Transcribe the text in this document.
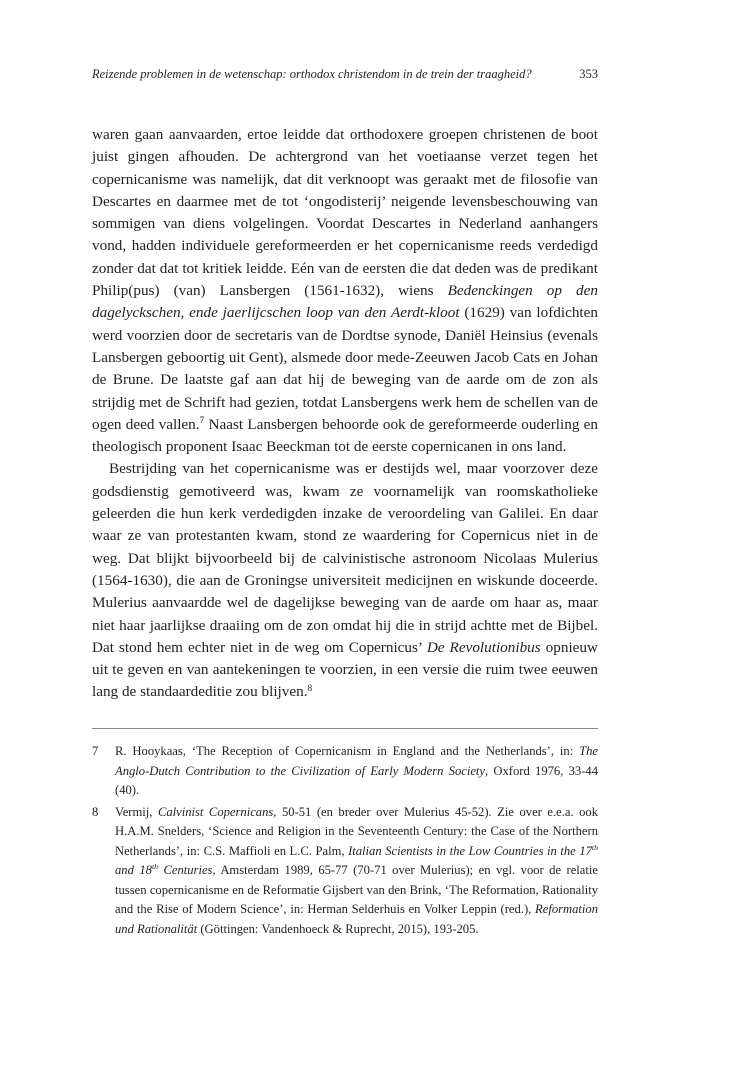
Reizende problemen in de wetenschap: orthodox christendom in de trein der traagheid?	353

waren gaan aanvaarden, ertoe leidde dat orthodoxere groepen christenen de boot juist gingen afhouden. De achtergrond van het voetiaanse verzet tegen het copernicanisme was namelijk, dat dit verknoopt was geraakt met de filosofie van Descartes en daarmee met de tot ‘ongodisterij’ neigende levensbeschouwing van sommigen van diens volgelingen. Voordat Descartes in Nederland aanhangers vond, hadden individuele gereformeerden er het copernicanisme reeds verdedigd zonder dat dat tot kritiek leidde. Eén van de eersten die dat deden was de predikant Philip(pus) (van) Lansbergen (1561-1632), wiens Bedenckingen op den dagelyckschen, ende jaerlijcschen loop van den Aerdt-kloot (1629) van lofdichten werd voorzien door de secretaris van de Dordtse synode, Daniël Heinsius (evenals Lansbergen geboortig uit Gent), alsmede door mede-Zeeuwen Jacob Cats en Johan de Brune. De laatste gaf aan dat hij de beweging van de aarde om de zon als strijdig met de Schrift had gezien, totdat Lansbergens werk hem de schellen van de ogen deed vallen.$^7$ Naast Lansbergen behoorde ook de gereformeerde ouderling en theologisch proponent Isaac Beeckman tot de eerste copernicanen in ons land.

Bestrijding van het copernicanisme was er destijds wel, maar voorzover deze godsdienstig gemotiveerd was, kwam ze voornamelijk van roomskatholieke geleerden die hun kerk verdedigden inzake de veroordeling van Galilei. En daar waar ze van protestanten kwam, stond ze waardering for Copernicus niet in de weg. Dat blijkt bijvoorbeeld bij de calvinistische astronoom Nicolaas Mulerius (1564-1630), die aan de Groningse universiteit medicijnen en wiskunde doceerde. Mulerius aanvaardde wel de dagelijkse beweging van de aarde om haar as, maar niet haar jaarlijkse draaiing om de zon omdat hij die in strijd achtte met de Bijbel. Dat stond hem echter niet in de weg om Copernicus’ De Revolutionibus opnieuw uit te geven en van aantekeningen te voorzien, in een versie die ruim twee eeuwen lang de standaardeditie zou blijven.$^8$

7 R. Hooykaas, ‘The Reception of Copernicanism in England and the Netherlands’, in: The Anglo-Dutch Contribution to the Civilization of Early Modern Society, Oxford 1976, 33-44 (40).
8 Vermij, Calvinist Copernicans, 50-51 (en breder over Mulerius 45-52). Zie over e.e.a. ook H.A.M. Snelders, ‘Science and Religion in the Seventeenth Century: the Case of the Northern Netherlands’, in: C.S. Maffioli en L.C. Palm, Italian Scientists in the Low Countries in the 17th and 18th Centuries, Amsterdam 1989, 65-77 (70-71 over Mulerius); en vgl. voor de relatie tussen copernicanisme en de Reformatie Gijsbert van den Brink, ‘The Reformation, Rationality and the Rise of Modern Science’, in: Herman Selderhuis en Volker Leppin (red.), Reformation und Rationalität (Göttingen: Vandenhoeck & Ruprecht, 2015), 193-205.
